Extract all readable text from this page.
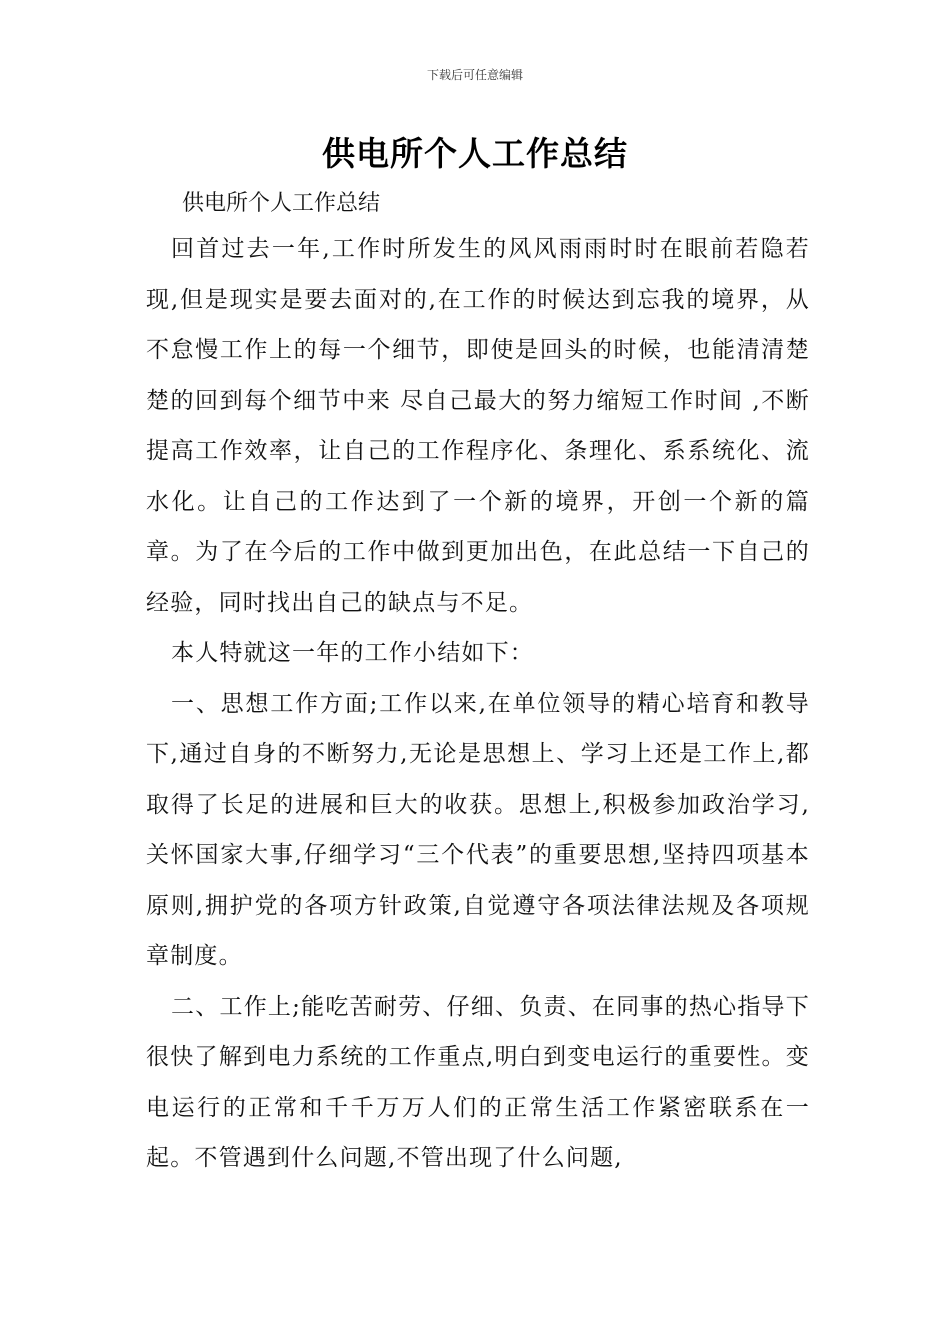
下载后可任意编辑
供电所个人工作总结
供电所个人工作总结

回首过去一年,工作时所发生的风风雨雨时时在眼前若隐若现,但是现实是要去面对的,在工作的时候达到忘我的境界，从不怠慢工作上的每一个细节，即使是回头的时候，也能清清楚楚的回到每个细节中来 尽自己最大的努力缩短工作时间 ,不断提高工作效率，让自己的工作程序化、条理化、系系统化、流水化。让自己的工作达到了一个新的境界，开创一个新的篇章。为了在今后的工作中做到更加出色，在此总结一下自己的经验，同时找出自己的缺点与不足。

本人特就这一年的工作小结如下：

一、思想工作方面;工作以来,在单位领导的精心培育和教导下,通过自身的不断努力,无论是思想上、学习上还是工作上,都取得了长足的进展和巨大的收获。思想上,积极参加政治学习,关怀国家大事,仔细学习“三个代表”的重要思想,坚持四项基本原则,拥护党的各项方针政策,自觉遵守各项法律法规及各项规章制度。

二、工作上;能吃苦耐劳、仔细、负责、在同事的热心指导下很快了解到电力系统的工作重点,明白到变电运行的重要性。变电运行的正常和千千万万人们的正常生活工作紧密联系在一起。不管遇到什么问题,不管出现了什么问题,
